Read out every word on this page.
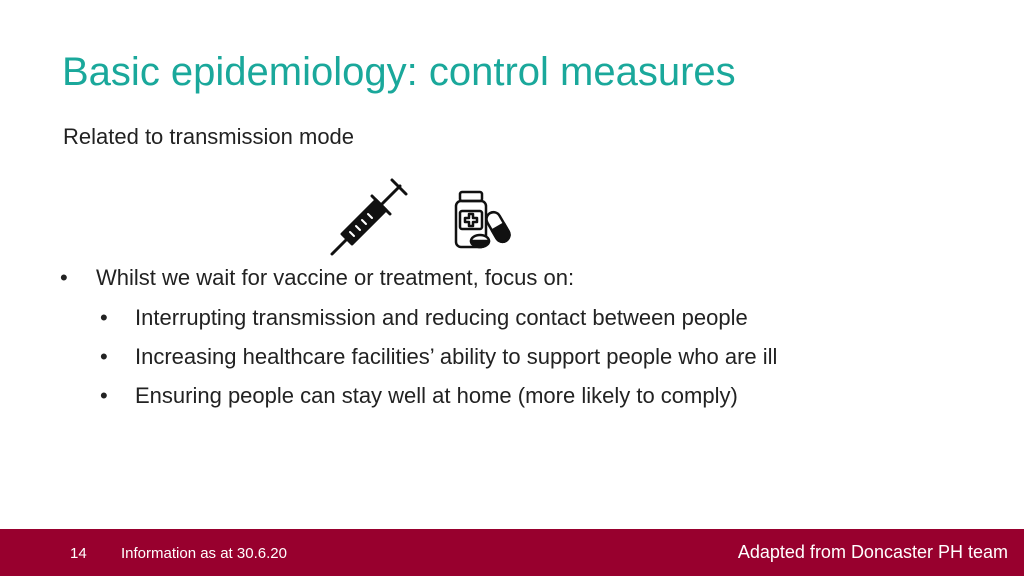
Basic epidemiology: control measures
Related to transmission mode
• Whilst we wait for vaccine or treatment, focus on:
• Interrupting transmission and reducing contact between people
• Increasing healthcare facilities’ ability to support people who are ill
• Ensuring people can stay well at home (more likely to comply)
14 Information as at 30.6.20	Adapted from Doncaster PH team
